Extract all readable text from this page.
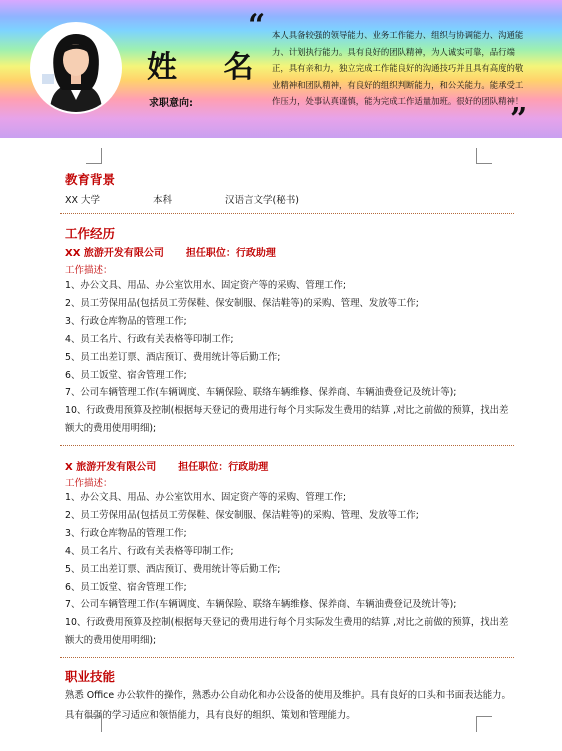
姓 名
求职意向:
“ 本人具备较强的领导能力、业务工作能力、组织与协调能力、沟通能力、计划执行能力。具有良好的团队精神，为人诚实可靠，品行端正，具有亲和力，独立完成工作能良好的沟通技巧并且具有高度的敬业精神和团队精神，有良好的组织判断能力，和公关能力。能承受工作压力，处事认真谨慎，能为完成工作适量加班。很好的团队精神！
”
教育背景
XX 大学	本科	汉语言文学(秘书)
工作经历
XX 旅游开发有限公司 担任职位：行政助理
工作描述：
1、办公文具、用品、办公室饮用水、固定资产等的采购、管理工作;
2、员工劳保用品(包括员工劳保鞋、保安制服、保洁鞋等)的采购、管理、发放等工作;
3、行政仓库物品的管理工作;
4、员工名片、行政有关表格等印制工作;
5、员工出差订票、酒店预订、费用统计等后勤工作;
6、员工饭堂、宿舍管理工作;
7、公司车辆管理工作(车辆调度、车辆保险、联络车辆维修、保养商、车辆油费登记及统计等);
10、行政费用预算及控制(根据每天登记的费用进行每个月实际发生费用的结算 ,对比之前做的预算，找出差额大的费用使用明细);
X 旅游开发有限公司 担任职位：行政助理
工作描述：
1、办公文具、用品、办公室饮用水、固定资产等的采购、管理工作;
2、员工劳保用品(包括员工劳保鞋、保安制服、保洁鞋等)的采购、管理、发放等工作;
3、行政仓库物品的管理工作;
4、员工名片、行政有关表格等印制工作;
5、员工出差订票、酒店预订、费用统计等后勤工作;
6、员工饭堂、宿舍管理工作;
7、公司车辆管理工作(车辆调度、车辆保险、联络车辆维修、保养商、车辆油费登记及统计等);
10、行政费用预算及控制(根据每天登记的费用进行每个月实际发生费用的结算 ,对比之前做的预算，找出差额大的费用使用明细);
职业技能
熟悉 Office 办公软件的操作，熟悉办公自动化和办公设备的使用及维护。具有良好的口头和书面表达能力。具有很强的学习适应和领悟能力，具有良好的组织、策划和管理能力。
